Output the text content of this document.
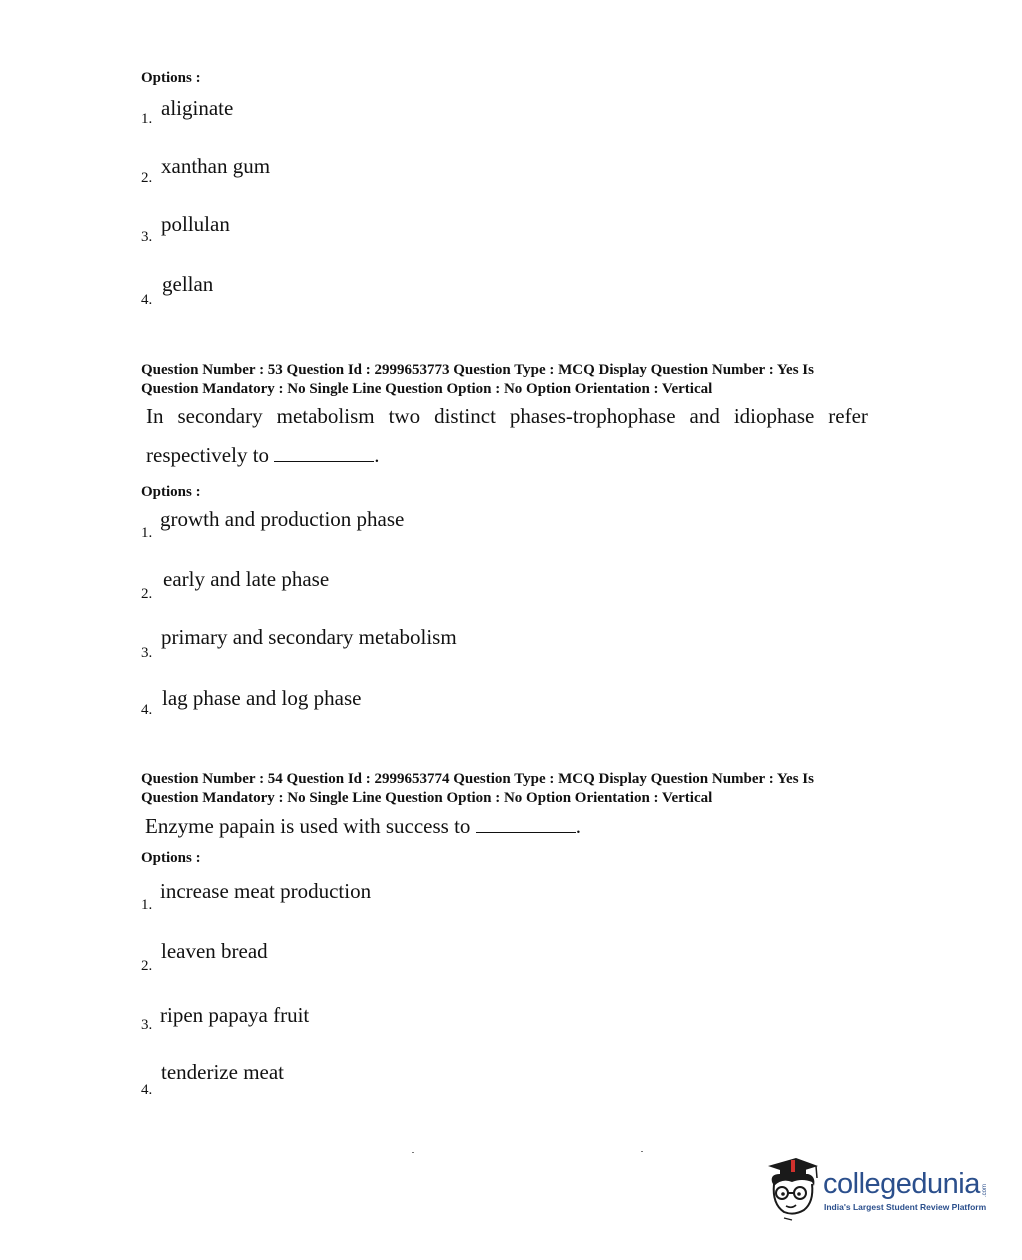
Options :
1. aliginate
2. xanthan gum
3.
pollulan
4.
gellan
Question Number : 53 Question Id : 2999653773 Question Type : MCQ Display Question Number : Yes Is
Question Mandatory : No Single Line Question Option : No Option Orientation : Vertical
In secondary metabolism two distinct phases-trophophase and idiophase refer
respectively to	.
Options :
1.
growth and production phase
2.
early and late phase
3.
primary and secondary metabolism
4. lag phase and log phase
Question Number : 54 Question Id : 2999653774 Question Type : MCQ Display Question Number : Yes Is
Question Mandatory : No Single Line Question Option : No Option Orientation : Vertical
Enzyme papain is used with success to	.
Options :
1.
increase meat production
2.
leaven bread
3. ripen papaya fruit
4.
tenderize meat
collegedunia .com
India's Largest Student Review Platform
